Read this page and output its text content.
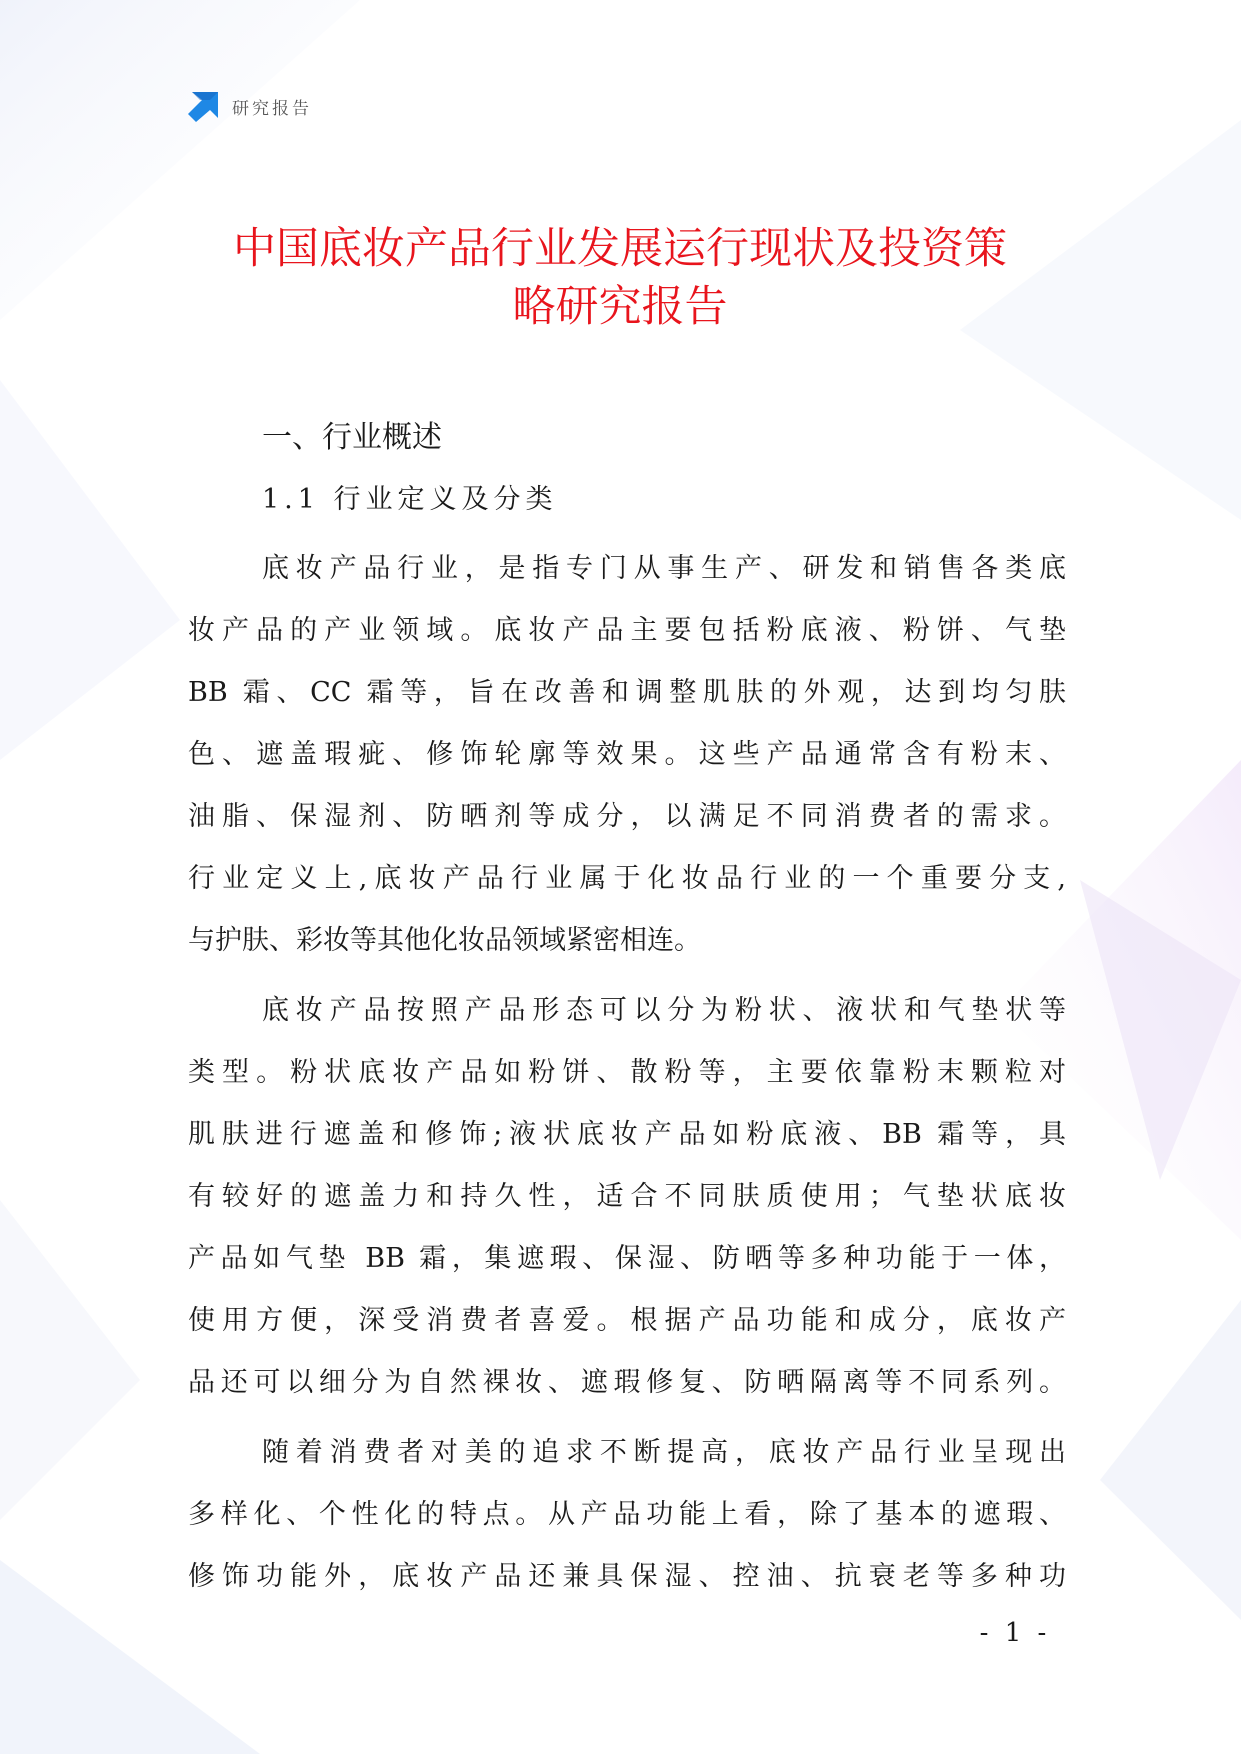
研究报告
中国底妆产品行业发展运行现状及投资策
略研究报告
一、行业概述
1.1 行业定义及分类
底妆产品行业，是指专门从事生产、研发和销售各类底
妆产品的产业领域。底妆产品主要包括粉底液、粉饼、气垫
BB 霜、CC 霜等，旨在改善和调整肌肤的外观，达到均匀肤
色、遮盖瑕疵、修饰轮廓等效果。这些产品通常含有粉末、
油脂、保湿剂、防晒剂等成分，以满足不同消费者的需求。
行业定义上,底妆产品行业属于化妆品行业的一个重要分支,
与护肤、彩妆等其他化妆品领域紧密相连。
底妆产品按照产品形态可以分为粉状、液状和气垫状等
类型。粉状底妆产品如粉饼、散粉等，主要依靠粉末颗粒对
肌肤进行遮盖和修饰;液状底妆产品如粉底液、BB 霜等，具
有较好的遮盖力和持久性，适合不同肤质使用；气垫状底妆
产品如气垫 BB 霜，集遮瑕、保湿、防晒等多种功能于一体，
使用方便，深受消费者喜爱。根据产品功能和成分，底妆产
品还可以细分为自然裸妆、遮瑕修复、防晒隔离等不同系列。
随着消费者对美的追求不断提高，底妆产品行业呈现出
多样化、个性化的特点。从产品功能上看，除了基本的遮瑕、
修饰功能外，底妆产品还兼具保湿、控油、抗衰老等多种功
- 1 -
